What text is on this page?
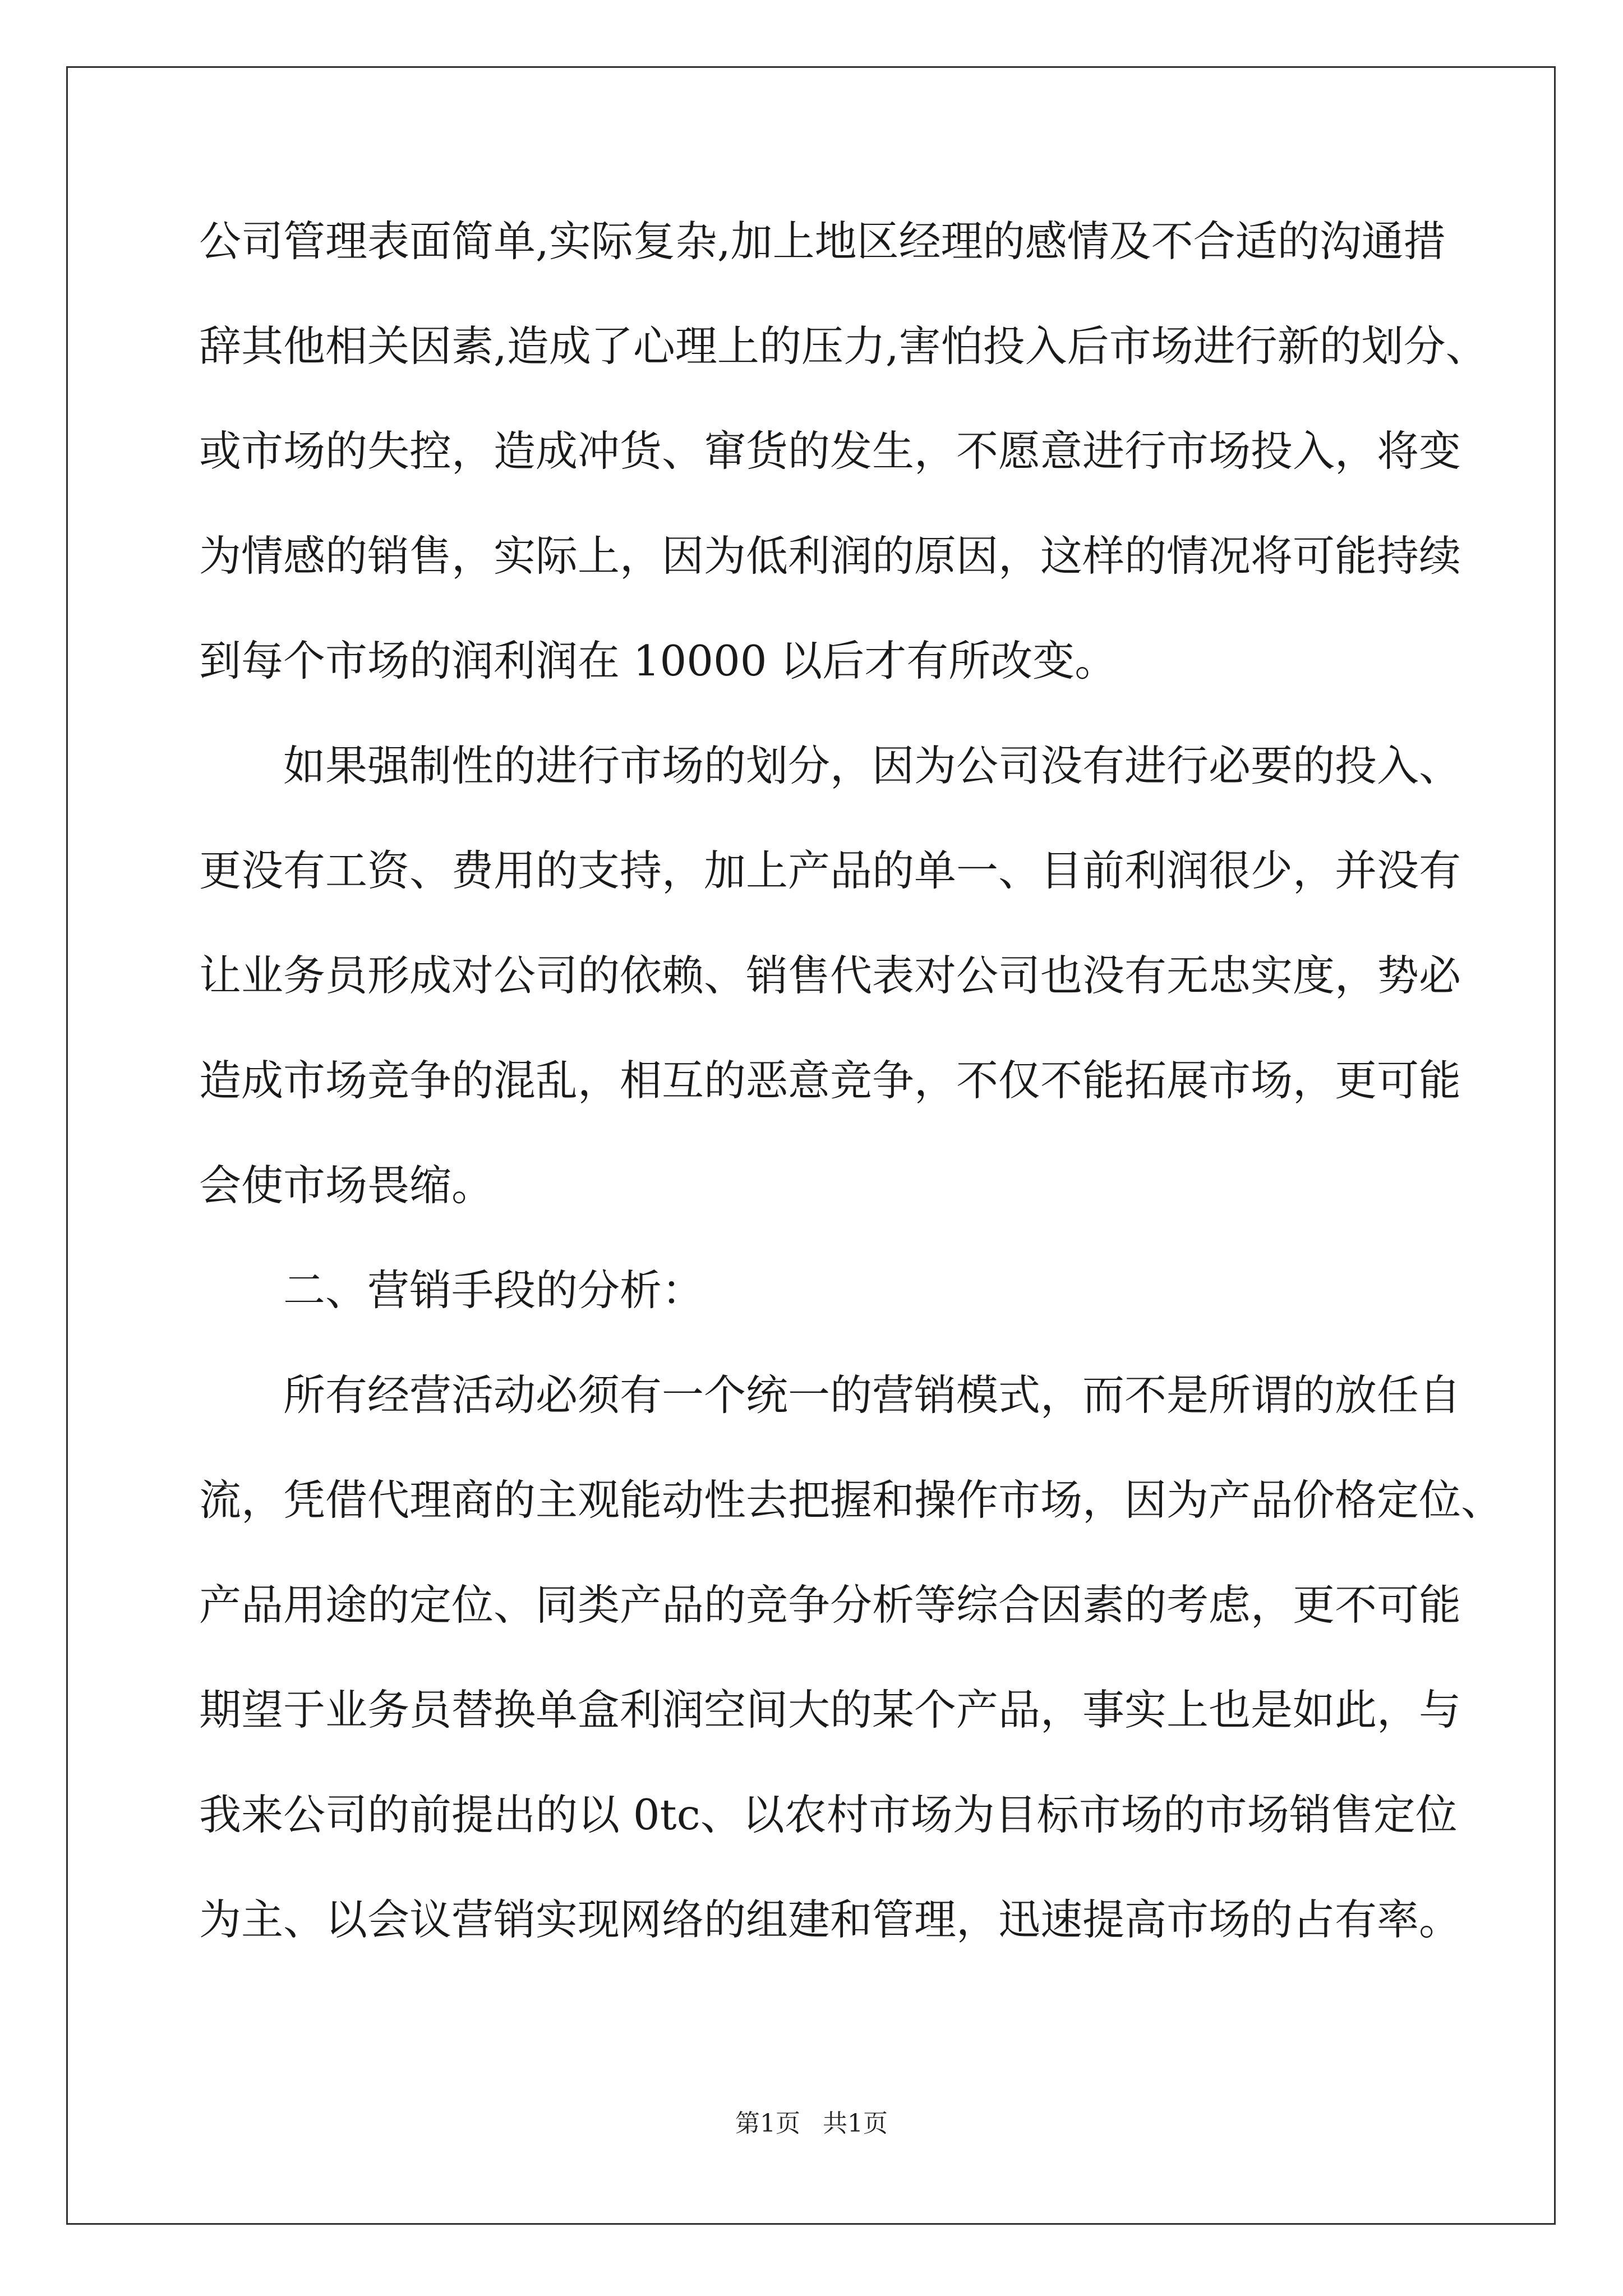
公司管理表面简单,实际复杂,加上地区经理的感情及不合适的沟通措
辞其他相关因素,造成了心理上的压力,害怕投入后市场进行新的划分、
或市场的失控，造成冲货、窜货的发生，不愿意进行市场投入，将变
为情感的销售，实际上，因为低利润的原因，这样的情况将可能持续
到每个市场的润利润在 10000 以后才有所改变。
如果强制性的进行市场的划分，因为公司没有进行必要的投入、
更没有工资、费用的支持，加上产品的单一、目前利润很少，并没有
让业务员形成对公司的依赖、销售代表对公司也没有无忠实度，势必
造成市场竞争的混乱，相互的恶意竞争，不仅不能拓展市场，更可能
会使市场畏缩。
二、营销手段的分析：
所有经营活动必须有一个统一的营销模式，而不是所谓的放任自
流，凭借代理商的主观能动性去把握和操作市场，因为产品价格定位、
产品用途的定位、同类产品的竞争分析等综合因素的考虑，更不可能
期望于业务员替换单盒利润空间大的某个产品，事实上也是如此，与
我来公司的前提出的以 0tc、以农村市场为目标市场的市场销售定位
为主、以会议营销实现网络的组建和管理，迅速提高市场的占有率。
第1页 共1页
